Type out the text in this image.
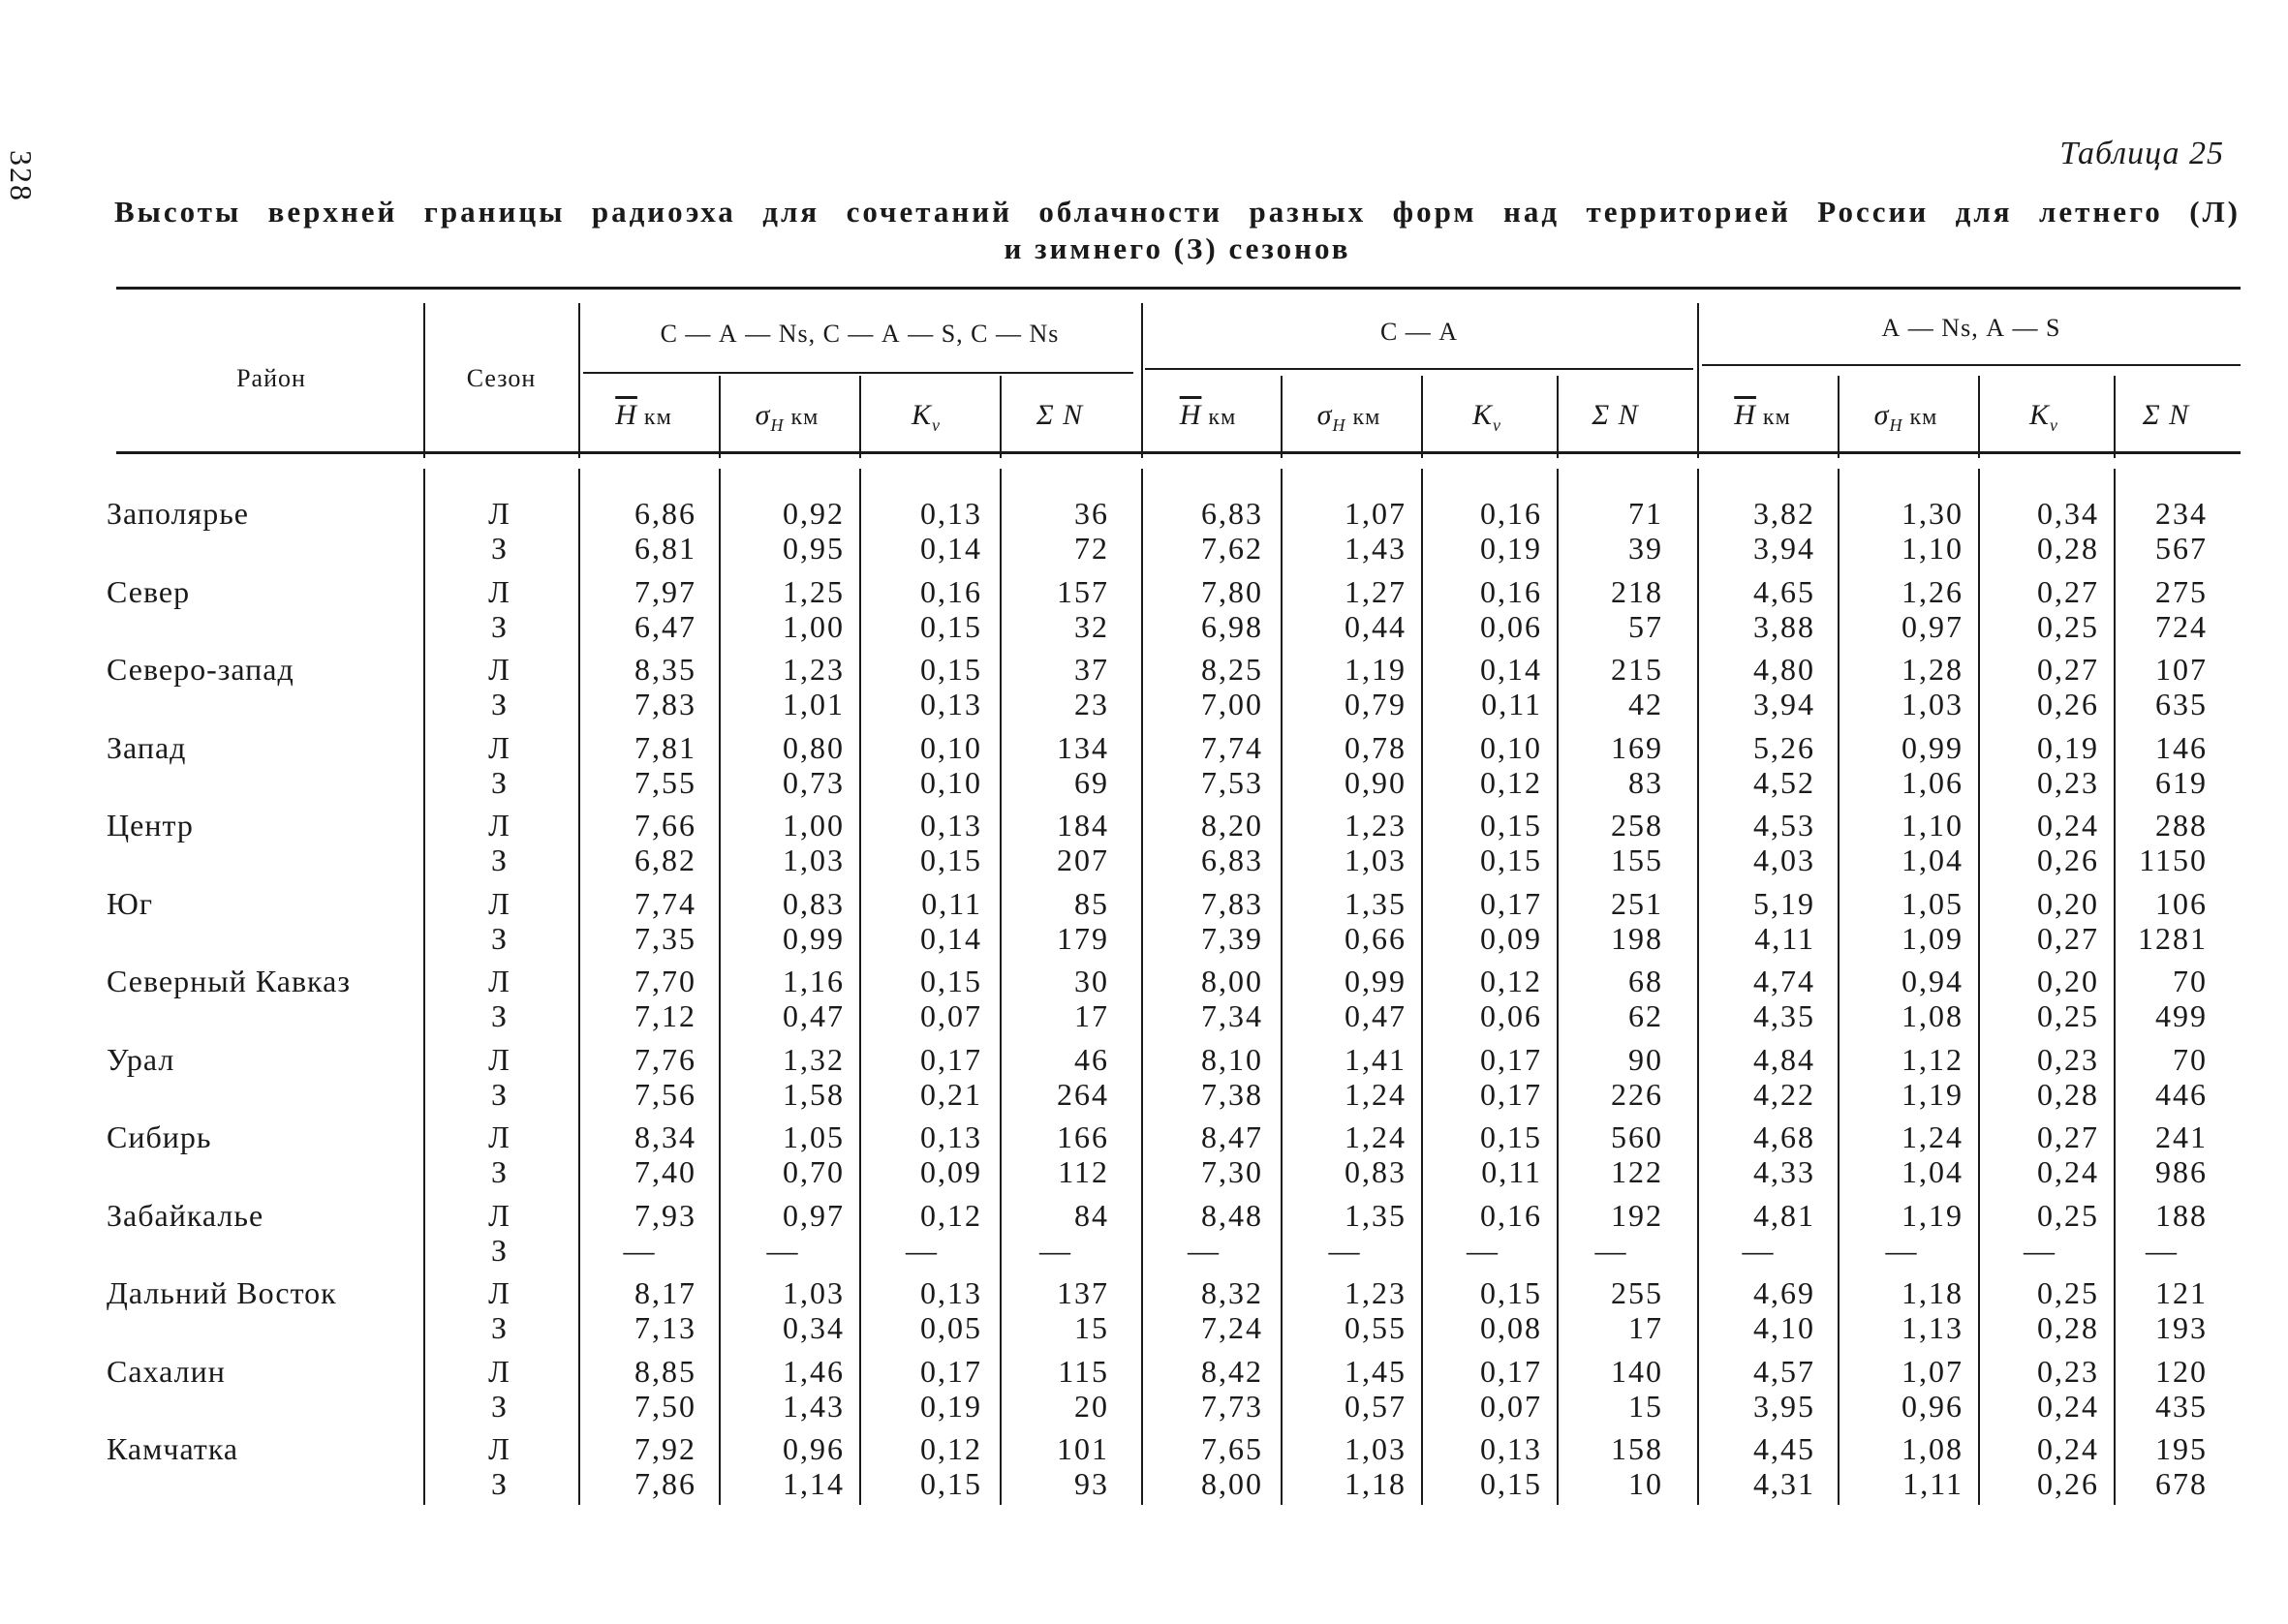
328	Таблица 25
Высоты верхней границы радиоэха для сочетаний облачности разных форм над территорией России для летнего (Л)
и зимнего (З) сезонов
Район	Сезон
С — А — Ns, С — А — S, С — Ns	С — А	А — Ns, А — S
$\overline{H}$ км	$\sigma_H$ км	$K_v$	Σ N	$\overline{H}$ км	$\sigma_H$ км	$K_v$	Σ N	$\overline{H}$ км	$\sigma_H$ км	$K_v$	Σ N
Заполярье	Л	6,86	0,92	0,13	36	6,83	1,07	0,16	71	3,82	1,30	0,34	234
З	6,81	0,95	0,14	72	7,62	1,43	0,19	39	3,94	1,10	0,28	567
Север	Л	7,97	1,25	0,16	157	7,80	1,27	0,16	218	4,65	1,26	0,27	275
З	6,47	1,00	0,15	32	6,98	0,44	0,06	57	3,88	0,97	0,25	724
Северо-запад	Л	8,35	1,23	0,15	37	8,25	1,19	0,14	215	4,80	1,28	0,27	107
З	7,83	1,01	0,13	23	7,00	0,79	0,11	42	3,94	1,03	0,26	635
Запад	Л	7,81	0,80	0,10	134	7,74	0,78	0,10	169	5,26	0,99	0,19	146
З	7,55	0,73	0,10	69	7,53	0,90	0,12	83	4,52	1,06	0,23	619
Центр	Л	7,66	1,00	0,13	184	8,20	1,23	0,15	258	4,53	1,10	0,24	288
З	6,82	1,03	0,15	207	6,83	1,03	0,15	155	4,03	1,04	0,26	1150
Юг	Л	7,74	0,83	0,11	85	7,83	1,35	0,17	251	5,19	1,05	0,20	106
З	7,35	0,99	0,14	179	7,39	0,66	0,09	198	4,11	1,09	0,27	1281
Северный Кавказ	Л	7,70	1,16	0,15	30	8,00	0,99	0,12	68	4,74	0,94	0,20	70
З	7,12	0,47	0,07	17	7,34	0,47	0,06	62	4,35	1,08	0,25	499
Урал	Л	7,76	1,32	0,17	46	8,10	1,41	0,17	90	4,84	1,12	0,23	70
З	7,56	1,58	0,21	264	7,38	1,24	0,17	226	4,22	1,19	0,28	446
Сибирь	Л	8,34	1,05	0,13	166	8,47	1,24	0,15	560	4,68	1,24	0,27	241
З	7,40	0,70	0,09	112	7,30	0,83	0,11	122	4,33	1,04	0,24	986
Забайкалье	Л	7,93	0,97	0,12	84	8,48	1,35	0,16	192	4,81	1,19	0,25	188
З	—	—	—	—	—	—	—	—	—	—	—	—
Дальний Восток	Л	8,17	1,03	0,13	137	8,32	1,23	0,15	255	4,69	1,18	0,25	121
З	7,13	0,34	0,05	15	7,24	0,55	0,08	17	4,10	1,13	0,28	193
Сахалин	Л	8,85	1,46	0,17	115	8,42	1,45	0,17	140	4,57	1,07	0,23	120
З	7,50	1,43	0,19	20	7,73	0,57	0,07	15	3,95	0,96	0,24	435
Камчатка	Л	7,92	0,96	0,12	101	7,65	1,03	0,13	158	4,45	1,08	0,24	195
З	7,86	1,14	0,15	93	8,00	1,18	0,15	10	4,31	1,11	0,26	678
